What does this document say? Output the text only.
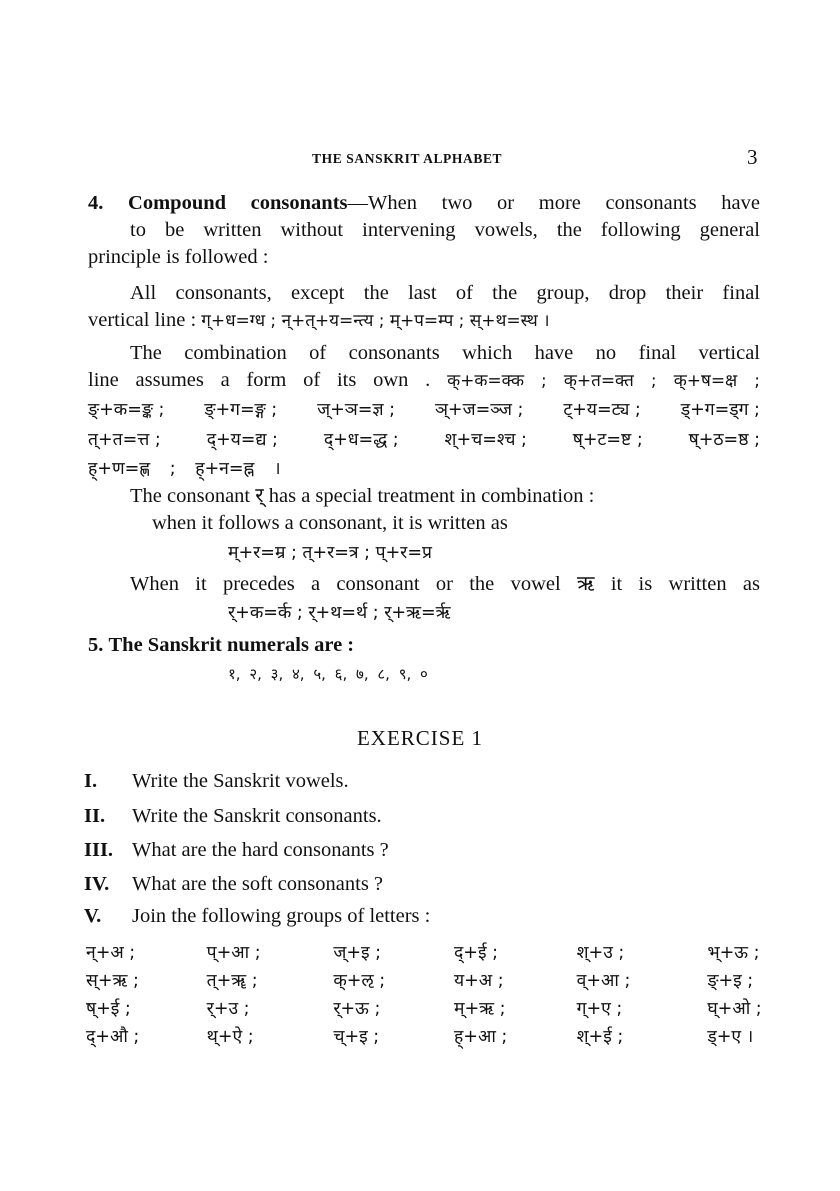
THE SANSKRIT ALPHABET	3
4. Compound consonants—When two or more consonants have
to be written without intervening vowels, the following general
principle is followed :
All consonants, except the last of the group, drop their final
vertical line : ग्+ध=ग्ध ; न्+त्+य=न्त्य ; म्+प=म्प ; स्+थ=स्थ ।
The combination of consonants which have no final vertical
line assumes a form of its own . क्+क=क्क ; क्+त=क्त ; क्+ष=क्ष ;
ङ्+क=ङ्क ; ङ्+ग=ङ्ग ; ज्+ञ=ज्ञ ; ञ्+ज=ञ्ज ; ट्+य=ट्य ; ड्+ग=ड्ग ;
त्+त=त्त ;	द्+य=द्य ;	द्+ध=द्ध ;	श्+च=श्च ;	ष्+ट=ष्ट ;	ष्+ठ=ष्ठ ;
ह्+ण=ह्ण ; ह्+न=ह्न ।
The consonant र् has a special treatment in combination :
when it follows a consonant, it is written as
म्+र=म्र ; त्+र=त्र ; प्+र=प्र
When it precedes a consonant or the vowel ऋ it is written as
र्+क=र्क ; र्+थ=र्थ ; र्+ऋ=र्ऋ
5. The Sanskrit numerals are :
१, २, ३, ४, ५, ६, ७, ८, ९, ०
EXERCISE 1
I. Write the Sanskrit vowels.
II. Write the Sanskrit consonants.
III. What are the hard consonants ?
IV. What are the soft consonants ?
V. Join the following groups of letters :
न्+अ ;	प्+आ ;	ज्+इ ;	द्+ई ;	श्+उ ;	भ्+ऊ ;
स्+ऋ ;	त्+ॠ ;	क्+ऌ ;	य+अ ;	व्+आ ;	ङ्+इ ;
ष्+ई ;	र्+उ ;	र्+ऊ ;	म्+ऋ ;	ग्+ए ;	घ्+ओ ;
द्+औ ;	थ्+ऐ ;	च्+इ ;	ह्+आ ;	श्+ई ;	ड्+ए ।
